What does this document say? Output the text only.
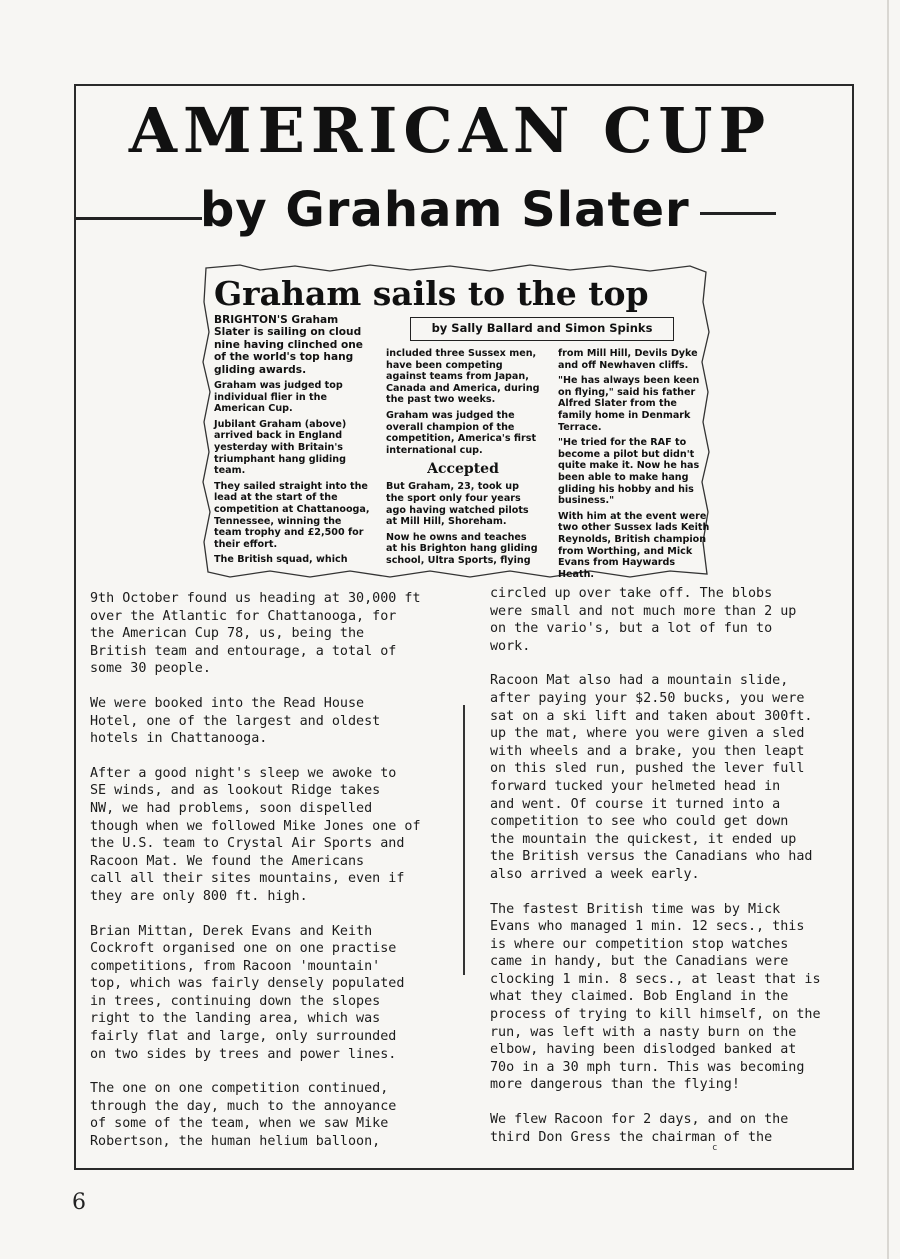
AMERICAN CUP
by Graham Slater
Graham sails to the top
by Sally Ballard and Simon Spinks

BRIGHTON'S Graham Slater is sailing on cloud nine having clinched one of the world's top hang gliding awards.

Graham was judged top individual flier in the American Cup.

Jubilant Graham (above) arrived back in England yesterday with Britain's triumphant hang gliding team.

They sailed straight into the lead at the start of the competition at Chattanooga, Tennessee, winning the team trophy and £2,500 for their effort.

The British squad, which

included three Sussex men, have been competing against teams from Japan, Canada and America, during the past two weeks.

Graham was judged the overall champion of the competition, America's first international cup.

Accepted

But Graham, 23, took up the sport only four years ago having watched pilots at Mill Hill, Shoreham.

Now he owns and teaches at his Brighton hang gliding school, Ultra Sports, flying

from Mill Hill, Devils Dyke and off Newhaven cliffs.

"He has always been keen on flying," said his father Alfred Slater from the family home in Denmark Terrace.

"He tried for the RAF to become a pilot but didn't quite make it. Now he has been able to make hang gliding his hobby and his business."

With him at the event were two other Sussex lads Keith Reynolds, British champion from Worthing, and Mick Evans from Haywards Heath.

9th October found us heading at 30,000 ft
over the Atlantic for Chattanooga, for
the American Cup 78, us, being the
British team and entourage, a total of
some 30 people.

We were booked into the Read House
Hotel, one of the largest and oldest
hotels in Chattanooga.

After a good night's sleep we awoke to
SE winds, and as lookout Ridge takes
NW, we had problems, soon dispelled
though when we followed Mike Jones one of
the U.S. team to Crystal Air Sports and
Racoon Mat. We found the Americans
call all their sites mountains, even if
they are only 800 ft. high.

Brian Mittan, Derek Evans and Keith
Cockroft organised one on one practise
competitions, from Racoon 'mountain'
top, which was fairly densely populated
in trees, continuing down the slopes
right to the landing area, which was
fairly flat and large, only surrounded
on two sides by trees and power lines.

The one on one competition continued,
through the day, much to the annoyance
of some of the team, when we saw Mike
Robertson, the human helium balloon,

circled up over take off. The blobs
were small and not much more than 2 up
on the vario's, but a lot of fun to
work.

Racoon Mat also had a mountain slide,
after paying your $2.50 bucks, you were
sat on a ski lift and taken about 300ft.
up the mat, where you were given a sled
with wheels and a brake, you then leapt
on this sled run, pushed the lever full
forward tucked your helmeted head in
and went. Of course it turned into a
competition to see who could get down
the mountain the quickest, it ended up
the British versus the Canadians who had
also arrived a week early.

The fastest British time was by Mick
Evans who managed 1 min. 12 secs., this
is where our competition stop watches
came in handy, but the Canadians were
clocking 1 min. 8 secs., at least that is
what they claimed. Bob England in the
process of trying to kill himself, on the
run, was left with a nasty burn on the
elbow, having been dislodged banked at
70o in a 30 mph turn. This was becoming
more dangerous than the flying!

We flew Racoon for 2 days, and on the
third Don Gress the chairman of the

c
6
